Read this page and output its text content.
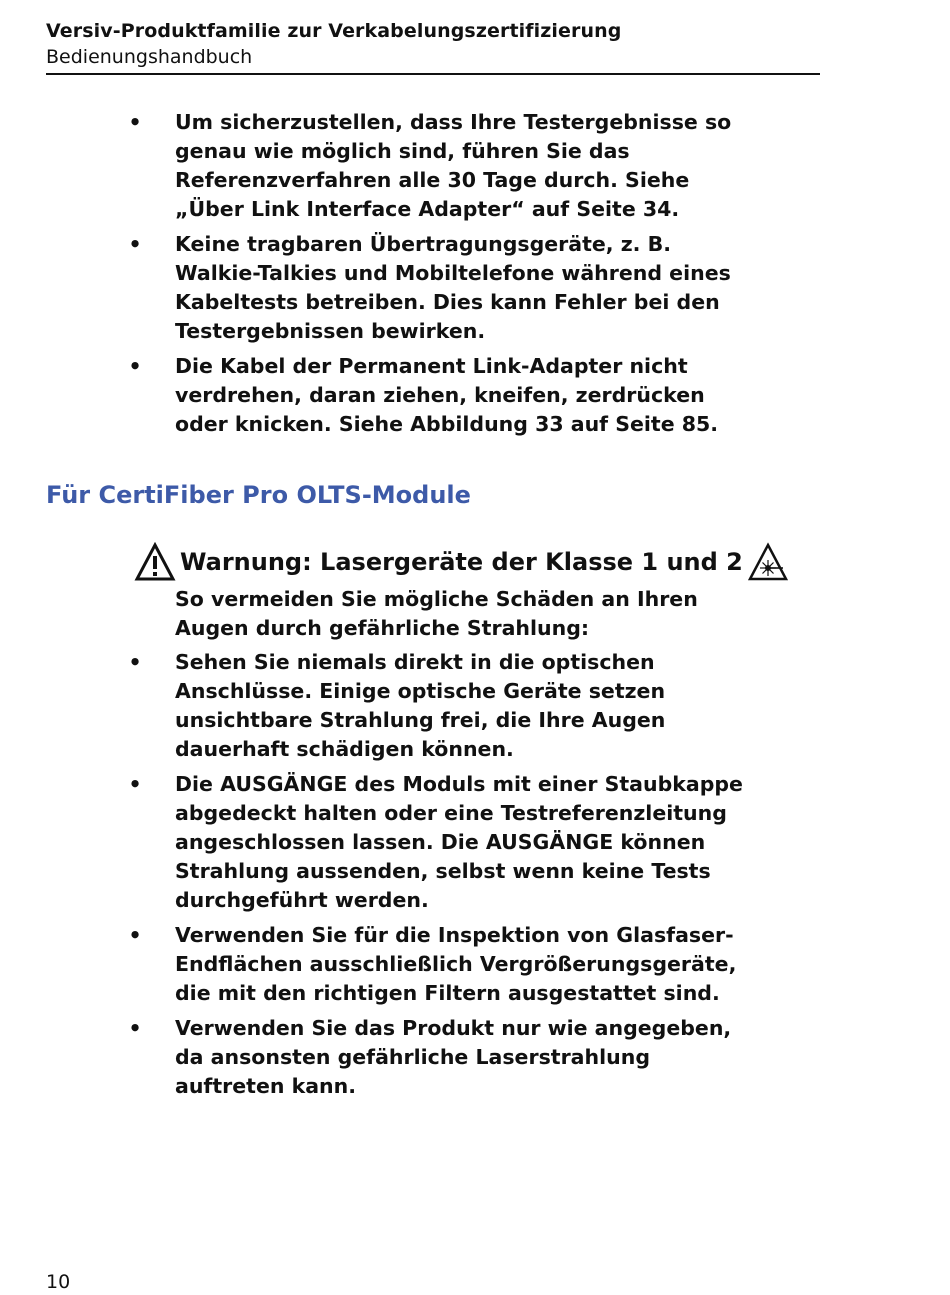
Versiv-Produktfamilie zur Verkabelungszertifizierung
Bedienungshandbuch
• Um sicherzustellen, dass Ihre Testergebnisse so genau wie möglich sind, führen Sie das Referenzverfahren alle 30 Tage durch. Siehe „Über Link Interface Adapter“ auf Seite 34.
• Keine tragbaren Übertragungsgeräte, z. B. Walkie-Talkies und Mobiltelefone während eines Kabeltests betreiben. Dies kann Fehler bei den Testergebnissen bewirken.
• Die Kabel der Permanent Link-Adapter nicht verdrehen, daran ziehen, kneifen, zerdrücken oder knicken. Siehe Abbildung 33 auf Seite 85.
Für CertiFiber Pro OLTS-Module
Warnung: Lasergeräte der Klasse 1 und 2
So vermeiden Sie mögliche Schäden an Ihren Augen durch gefährliche Strahlung:
• Sehen Sie niemals direkt in die optischen Anschlüsse. Einige optische Geräte setzen unsichtbare Strahlung frei, die Ihre Augen dauerhaft schädigen können.
• Die AUSGÄNGE des Moduls mit einer Staubkappe abgedeckt halten oder eine Testreferenzleitung angeschlossen lassen. Die AUSGÄNGE können Strahlung aussenden, selbst wenn keine Tests durchgeführt werden.
• Verwenden Sie für die Inspektion von Glasfaser-Endflächen ausschließlich Vergrößerungsgeräte, die mit den richtigen Filtern ausgestattet sind.
• Verwenden Sie das Produkt nur wie angegeben, da ansonsten gefährliche Laserstrahlung auftreten kann.
10
